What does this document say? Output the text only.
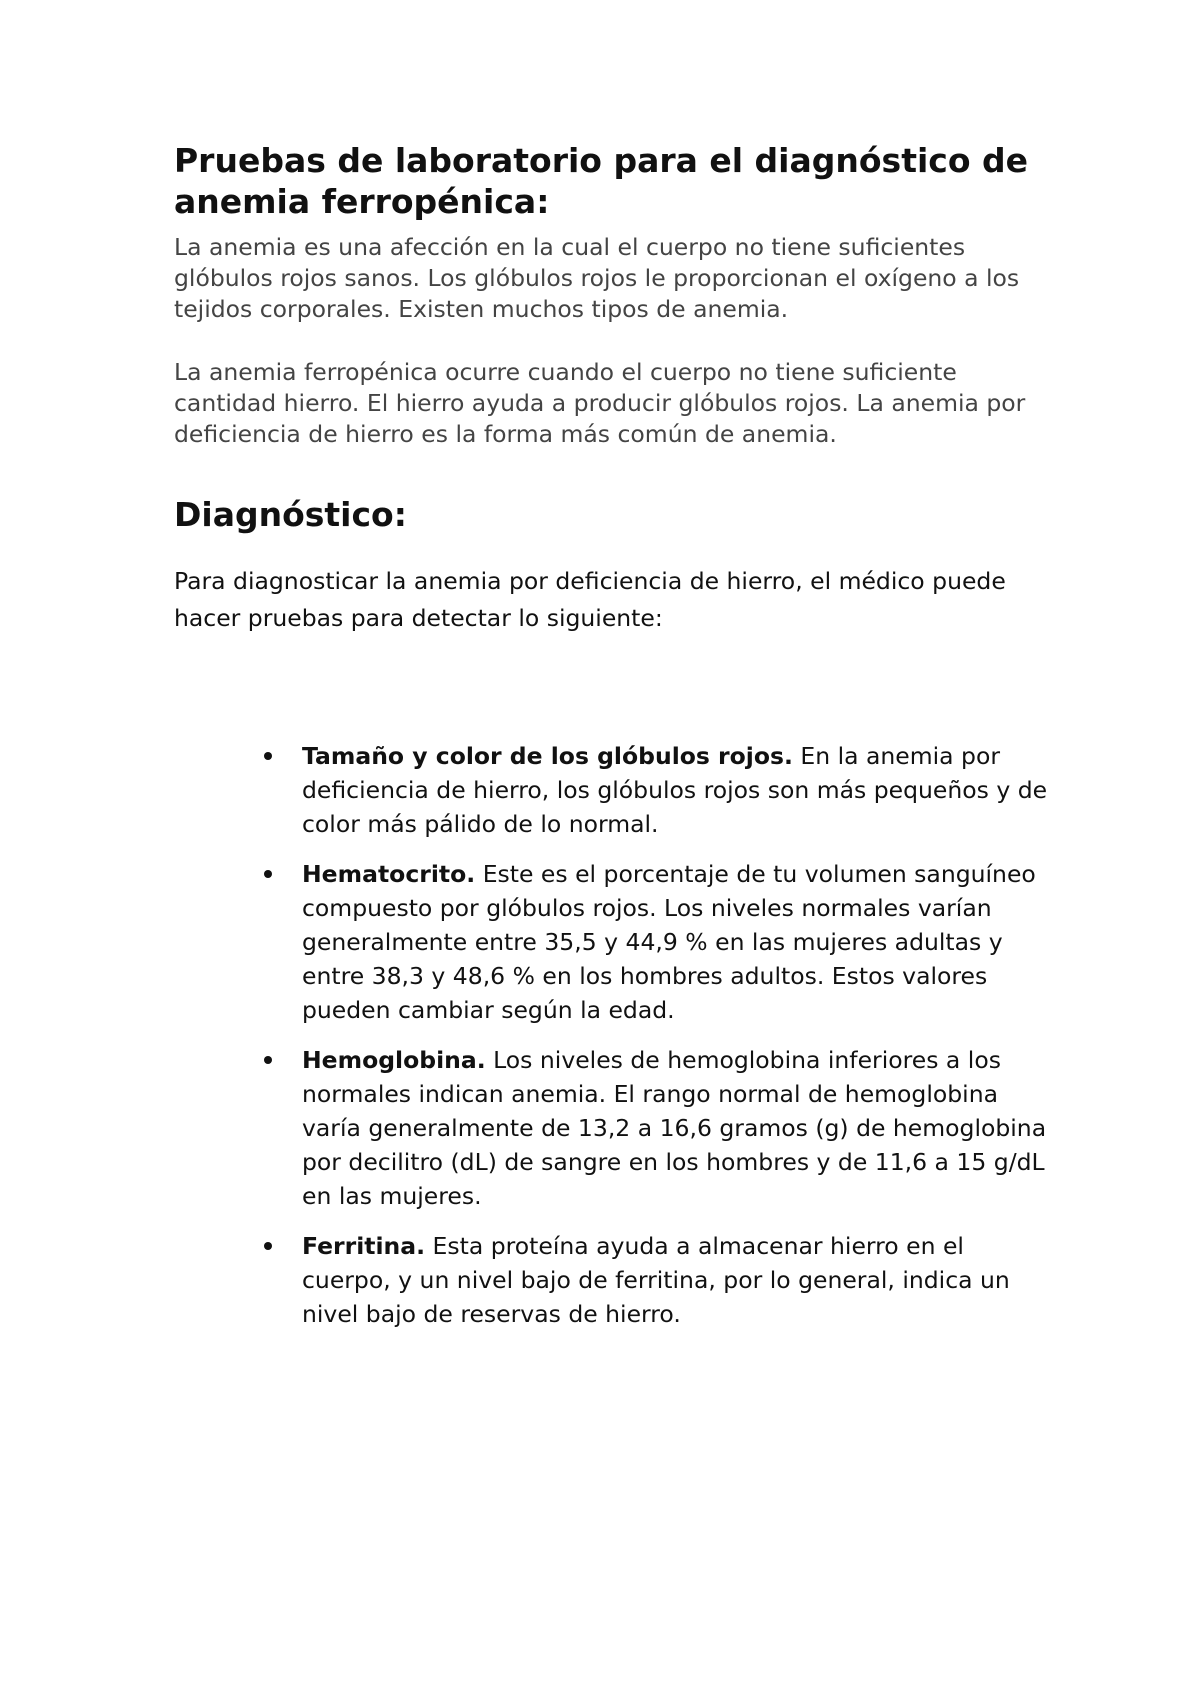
Pruebas de laboratorio para el diagnóstico de anemia ferropénica:

La anemia es una afección en la cual el cuerpo no tiene suficientes glóbulos rojos sanos. Los glóbulos rojos le proporcionan el oxígeno a los tejidos corporales. Existen muchos tipos de anemia.

La anemia ferropénica ocurre cuando el cuerpo no tiene suficiente cantidad hierro. El hierro ayuda a producir glóbulos rojos. La anemia por deficiencia de hierro es la forma más común de anemia.

Diagnóstico:

Para diagnosticar la anemia por deficiencia de hierro, el médico puede hacer pruebas para detectar lo siguiente:

Tamaño y color de los glóbulos rojos. En la anemia por deficiencia de hierro, los glóbulos rojos son más pequeños y de color más pálido de lo normal.
Hematocrito. Este es el porcentaje de tu volumen sanguíneo compuesto por glóbulos rojos. Los niveles normales varían generalmente entre 35,5 y 44,9 % en las mujeres adultas y entre 38,3 y 48,6 % en los hombres adultos. Estos valores pueden cambiar según la edad.
Hemoglobina. Los niveles de hemoglobina inferiores a los normales indican anemia. El rango normal de hemoglobina varía generalmente de 13,2 a 16,6 gramos (g) de hemoglobina por decilitro (dL) de sangre en los hombres y de 11,6 a 15 g/dL en las mujeres.
Ferritina. Esta proteína ayuda a almacenar hierro en el cuerpo, y un nivel bajo de ferritina, por lo general, indica un nivel bajo de reservas de hierro.
